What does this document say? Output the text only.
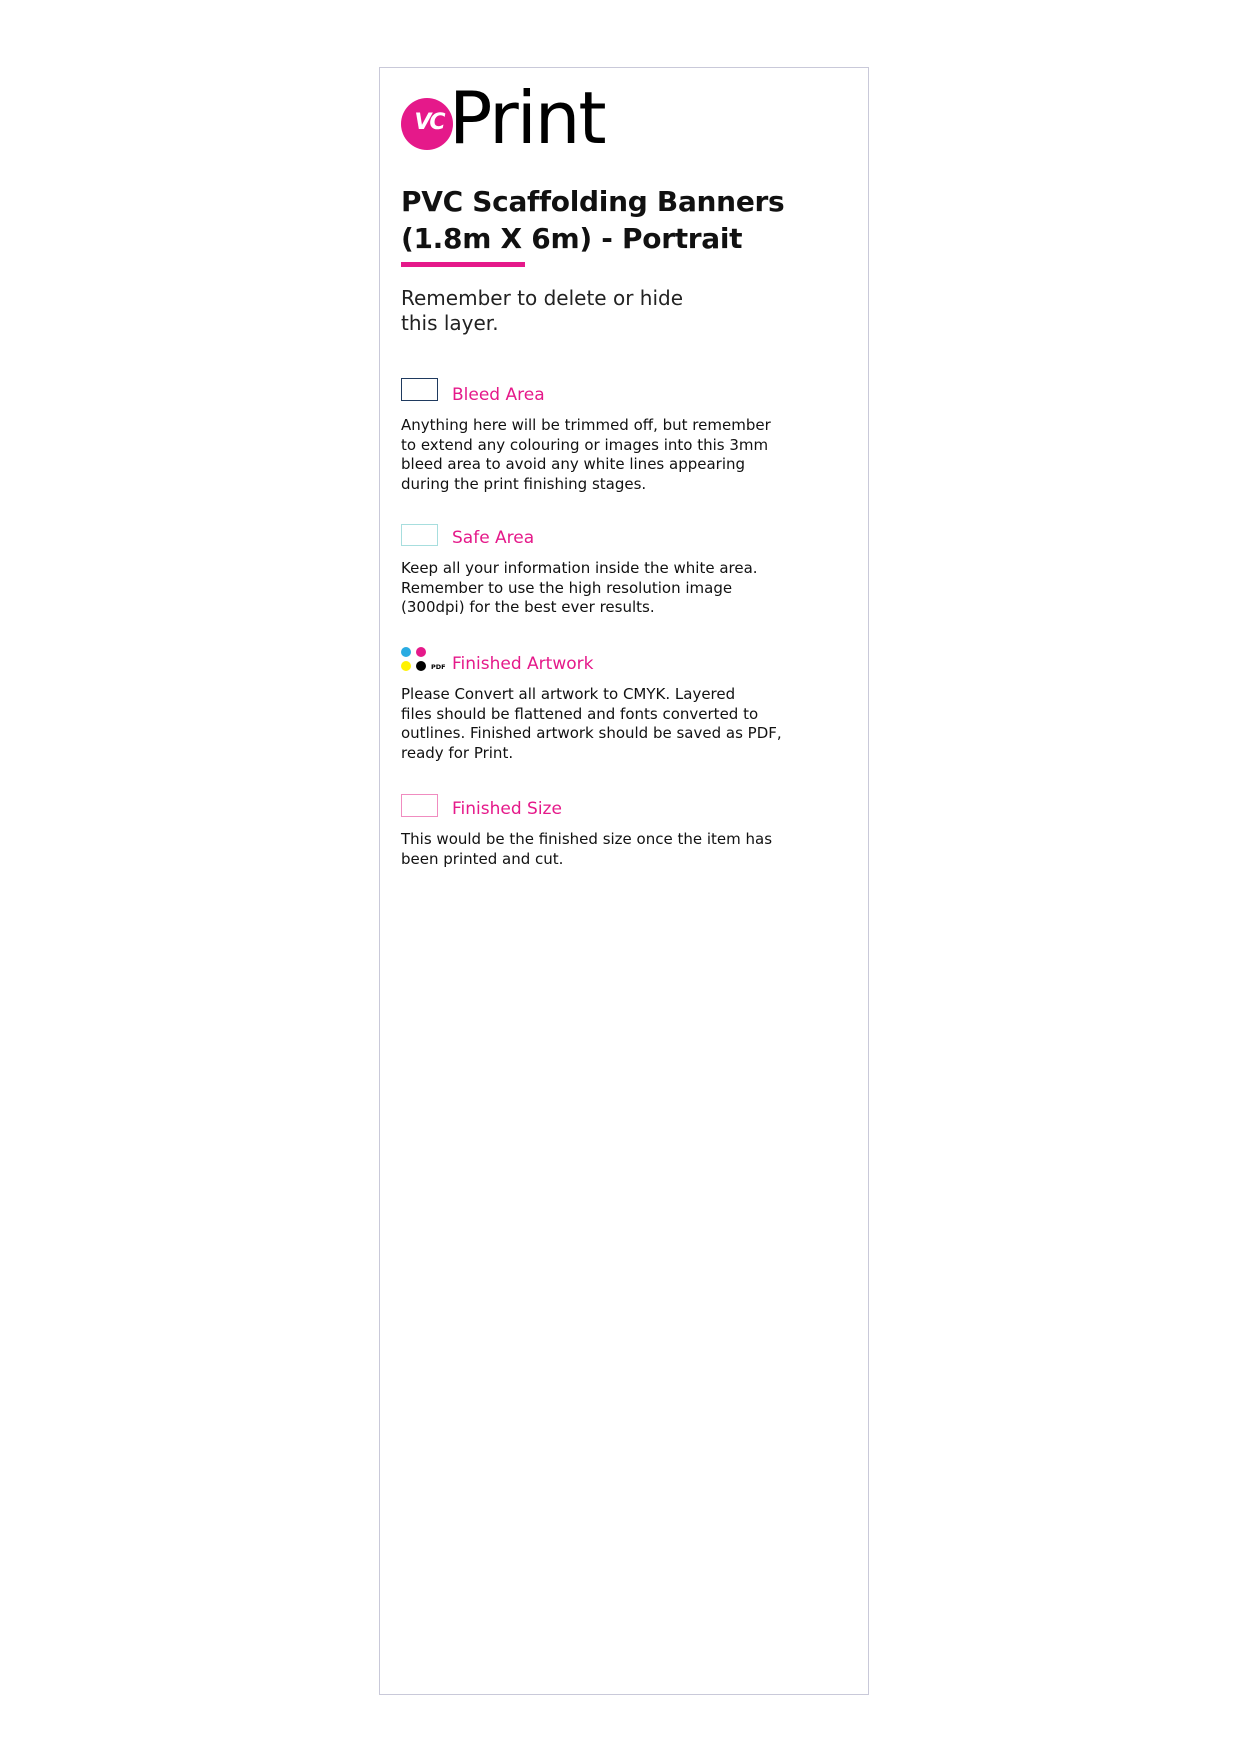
VC Print
PVC Scaffolding Banners
(1.8m X 6m) - Portrait
Remember to delete or hide
this layer.
Bleed Area
Anything here will be trimmed off, but remember
to extend any colouring or images into this 3mm
bleed area to avoid any white lines appearing
during the print finishing stages.
Safe Area
Keep all your information inside the white area.
Remember to use the high resolution image
(300dpi) for the best ever results.
PDF Finished Artwork
Please Convert all artwork to CMYK. Layered
files should be flattened and fonts converted to
outlines. Finished artwork should be saved as PDF,
ready for Print.
Finished Size
This would be the finished size once the item has
been printed and cut.
